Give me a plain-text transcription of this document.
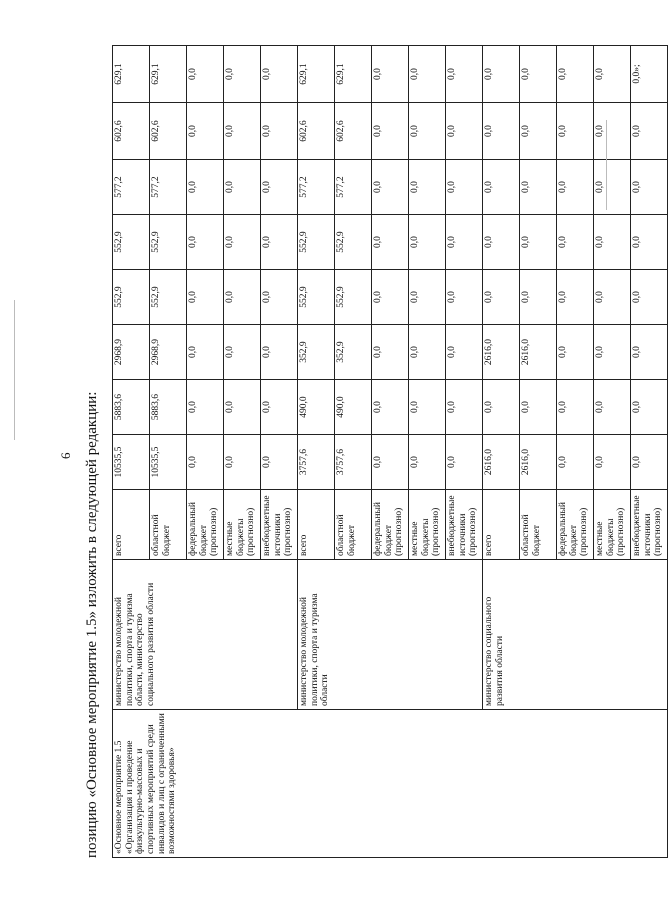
6 позицию «Основное мероприятие 1.5» изложить в следующей редакции: «Основное мероприятие 1.5 «Организация и проведение физкультурно-массовых и спортивных мероприятий среди инвалидов и лиц с ограниченными возможностями здоровья»	министерство молодежной политики, спорта и туризма области, министерство социального развития области	всего	10535,5	5883,6	2968,9	552,9	552,9	577,2	602,6	629,1
		областной бюджет	10535,5	5883,6	2968,9	552,9	552,9	577,2	602,6	629,1
		федеральный бюджет (прогнозно)	0,0	0,0	0,0	0,0	0,0	0,0	0,0	0,0
		местные бюджеты (прогнозно)	0,0	0,0	0,0	0,0	0,0	0,0	0,0	0,0
		внебюджетные источники (прогнозно)	0,0	0,0	0,0	0,0	0,0	0,0	0,0	0,0
	министерство молодежной политики, спорта и туризма области	всего	3757,6	490,0	352,9	552,9	552,9	577,2	602,6	629,1
		областной бюджет	3757,6	490,0	352,9	552,9	552,9	577,2	602,6	629,1
		федеральный бюджет (прогнозно)	0,0	0,0	0,0	0,0	0,0	0,0	0,0	0,0
		местные бюджеты (прогнозно)	0,0	0,0	0,0	0,0	0,0	0,0	0,0	0,0
		внебюджетные источники (прогнозно)	0,0	0,0	0,0	0,0	0,0	0,0	0,0	0,0
	министерство социального развития области	всего	2616,0	0,0	2616,0	0,0	0,0	0,0	0,0	0,0
		областной бюджет	2616,0	0,0	2616,0	0,0	0,0	0,0	0,0	0,0
		федеральный бюджет (прогнозно)	0,0	0,0	0,0	0,0	0,0	0,0	0,0	0,0
		местные бюджеты (прогнозно)	0,0	0,0	0,0	0,0	0,0	0,0	0,0	0,0
		внебюджетные источники (прогнозно)	0,0	0,0	0,0	0,0	0,0	0,0	0,0	0,0»;
